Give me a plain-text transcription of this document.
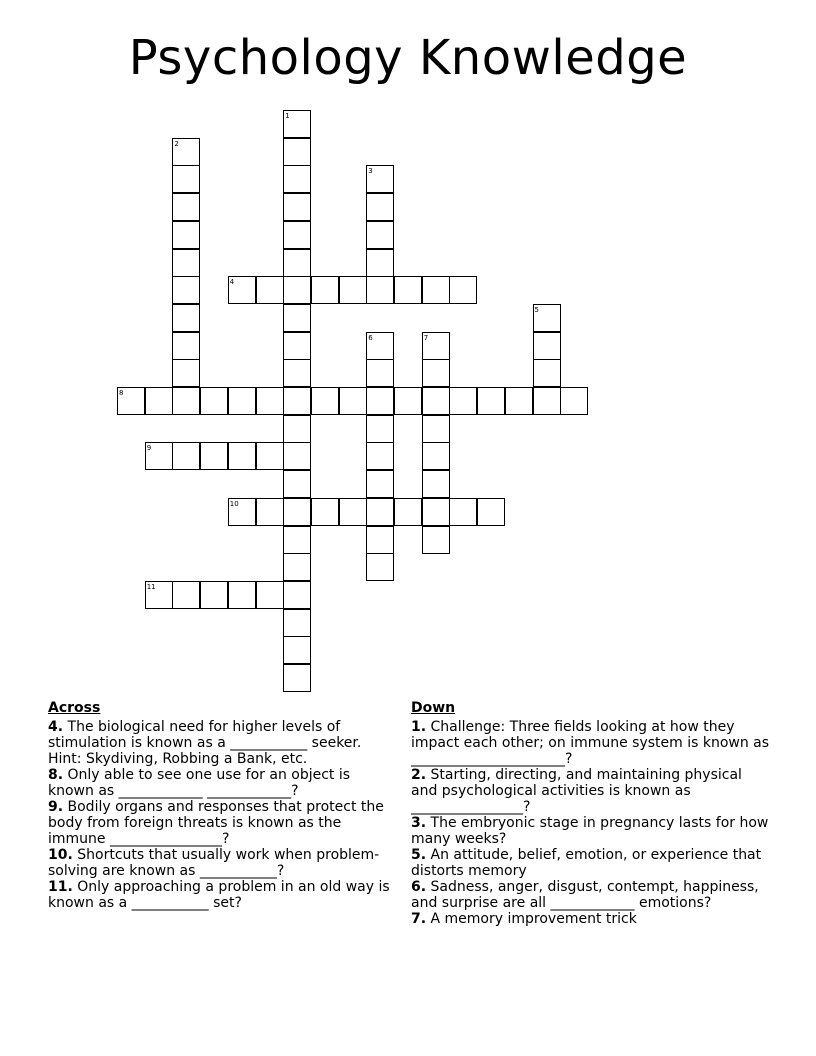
Psychology Knowledge
4
8
9
10
11
1
2
3
5
6	7
Across
4. The biological need for higher levels of stimulation is known as a ___________ seeker. Hint: Skydiving, Robbing a Bank, etc.
8. Only able to see one use for an object is known as ____________ ____________?
9. Bodily organs and responses that protect the body from foreign threats is known as the immune ________________?
10. Shortcuts that usually work when problem-solving are known as ___________?
11. Only approaching a problem in an old way is known as a ___________ set?
Down
1. Challenge: Three fields looking at how they impact each other; on immune system is known as ______________________?
2. Starting, directing, and maintaining physical and psychological activities is known as ________________?
3. The embryonic stage in pregnancy lasts for how many weeks?
5. An attitude, belief, emotion, or experience that distorts memory
6. Sadness, anger, disgust, contempt, happiness, and surprise are all ____________ emotions?
7. A memory improvement trick
